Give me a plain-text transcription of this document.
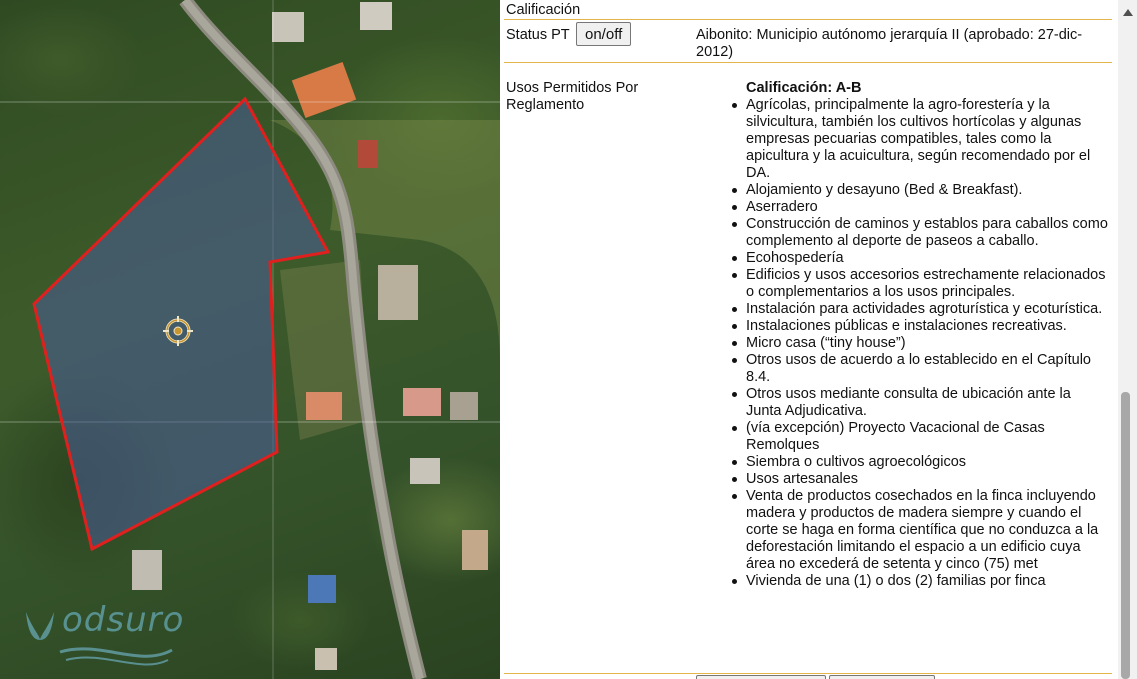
odsuro
Calificación
Status PT	on/off	Aibonito: Municipio autónomo jerarquía II (aprobado: 27-dic-2012)
Usos Permitidos Por Reglamento
Calificación: A-B
Agrícolas, principalmente la agro-forestería y la silvicultura, también los cultivos hortícolas y algunas empresas pecuarias compatibles, tales como la apicultura y la acuicultura, según recomendado por el DA.
Alojamiento y desayuno (Bed & Breakfast).
Aserradero
Construcción de caminos y establos para caballos como complemento al deporte de paseos a caballo.
Ecohospedería
Edificios y usos accesorios estrechamente relacionados o complementarios a los usos principales.
Instalación para actividades agroturística y ecoturística.
Instalaciones públicas e instalaciones recreativas.
Micro casa (“tiny house”)
Otros usos de acuerdo a lo establecido en el Capítulo 8.4.
Otros usos mediante consulta de ubicación ante la Junta Adjudicativa.
(vía excepción) Proyecto Vacacional de Casas Remolques
Siembra o cultivos agroecológicos
Usos artesanales
Venta de productos cosechados en la finca incluyendo madera y productos de madera siempre y cuando el corte se haga en forma científica que no conduzca a la deforestación limitando el espacio a un edificio cuya área no excederá de setenta y cinco (75) met
Vivienda de una (1) o dos (2) familias por finca
